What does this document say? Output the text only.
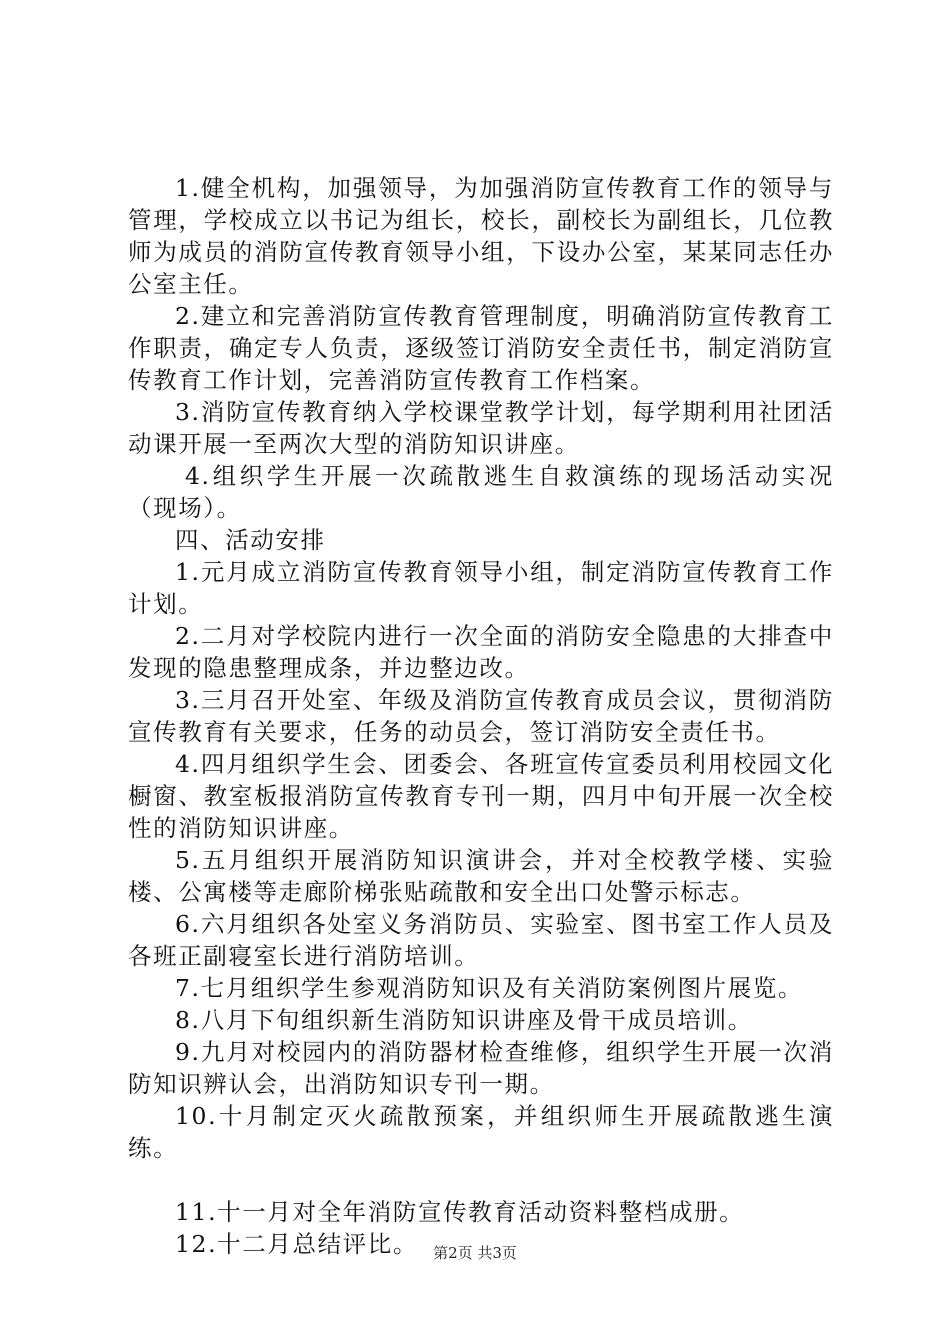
1.健全机构，加强领导，为加强消防宣传教育工作的领导与管理，学校成立以书记为组长，校长，副校长为副组长，几位教师为成员的消防宣传教育领导小组，下设办公室，某某同志任办公室主任。

2.建立和完善消防宣传教育管理制度，明确消防宣传教育工作职责，确定专人负责，逐级签订消防安全责任书，制定消防宣传教育工作计划，完善消防宣传教育工作档案。

3.消防宣传教育纳入学校课堂教学计划，每学期利用社团活动课开展一至两次大型的消防知识讲座。

4.组织学生开展一次疏散逃生自救演练的现场活动实况（现场）。

四、活动安排

1.元月成立消防宣传教育领导小组，制定消防宣传教育工作计划。

2.二月对学校院内进行一次全面的消防安全隐患的大排查中发现的隐患整理成条，并边整边改。

3.三月召开处室、年级及消防宣传教育成员会议，贯彻消防宣传教育有关要求，任务的动员会，签订消防安全责任书。

4.四月组织学生会、团委会、各班宣传宣委员利用校园文化橱窗、教室板报消防宣传教育专刊一期，四月中旬开展一次全校性的消防知识讲座。

5.五月组织开展消防知识演讲会，并对全校教学楼、实验楼、公寓楼等走廊阶梯张贴疏散和安全出口处警示标志。

6.六月组织各处室义务消防员、实验室、图书室工作人员及各班正副寝室长进行消防培训。

7.七月组织学生参观消防知识及有关消防案例图片展览。

8.八月下旬组织新生消防知识讲座及骨干成员培训。

9.九月对校园内的消防器材检查维修，组织学生开展一次消防知识辨认会，出消防知识专刊一期。

10.十月制定灭火疏散预案，并组织师生开展疏散逃生演练。

11.十一月对全年消防宣传教育活动资料整档成册。

12.十二月总结评比。	第2页 共3页
